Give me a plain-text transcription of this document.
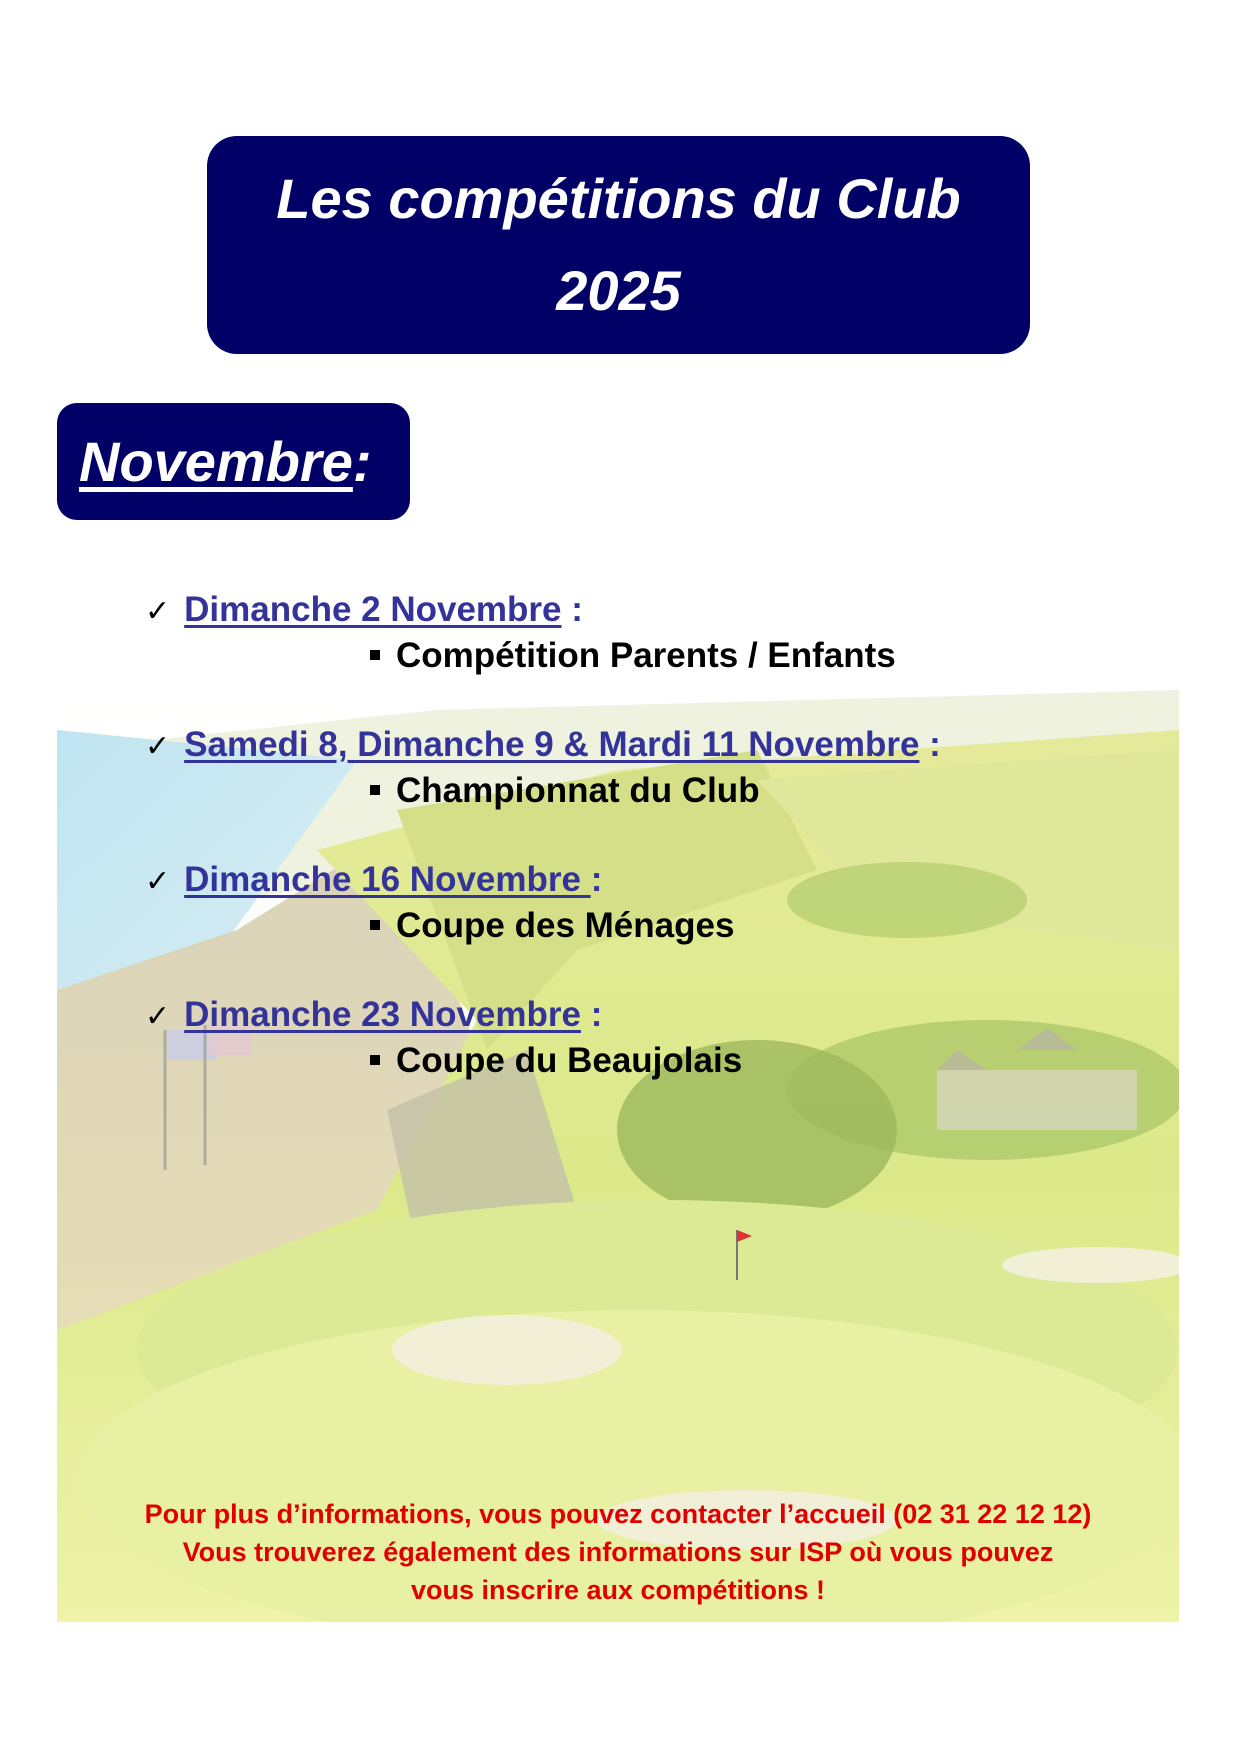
Les compétitions du Club
2025
Novembre :
✓ Dimanche 2 Novembre :
Compétition Parents / Enfants
✓ Samedi 8, Dimanche 9 & Mardi 11 Novembre :
Championnat du Club
✓ Dimanche 16 Novembre :
Coupe des Ménages
✓ Dimanche 23 Novembre :
Coupe du Beaujolais
Pour plus d’informations, vous pouvez contacter l’accueil (02 31 22 12 12)
Vous trouverez également des informations sur ISP où vous pouvez
vous inscrire aux compétitions !
